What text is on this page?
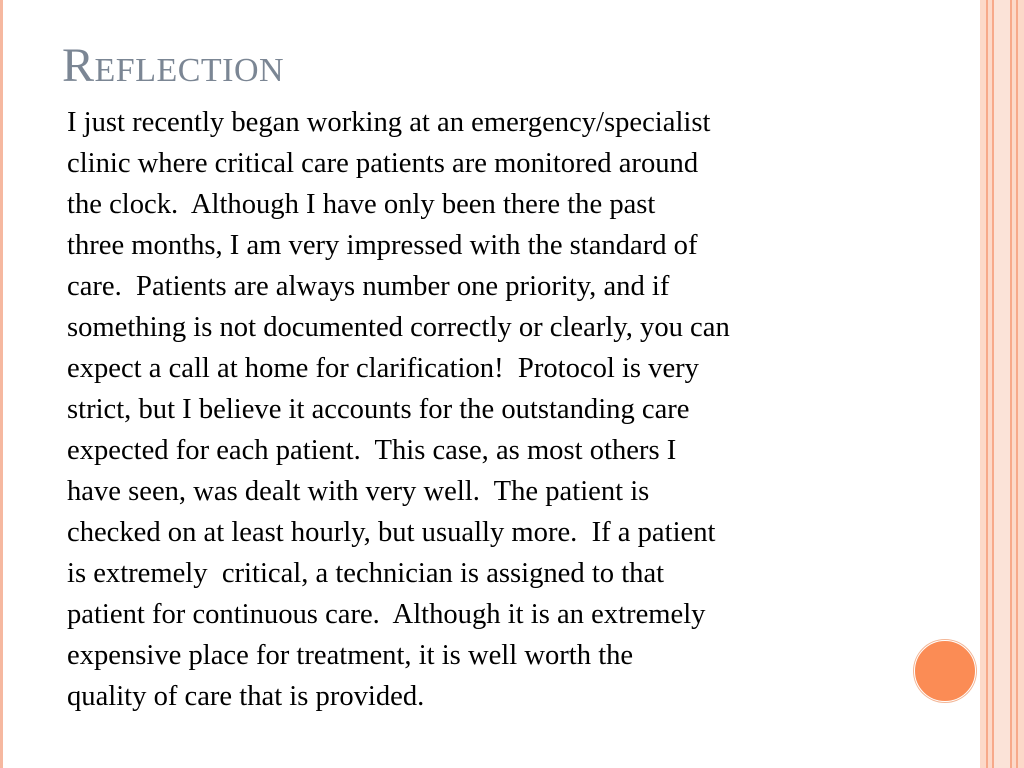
Reflection
I just recently began working at an emergency/specialist
clinic where critical care patients are monitored around
the clock.  Although I have only been there the past
three months, I am very impressed with the standard of
care.  Patients are always number one priority, and if
something is not documented correctly or clearly, you can
expect a call at home for clarification!  Protocol is very
strict, but I believe it accounts for the outstanding care
expected for each patient.  This case, as most others I
have seen, was dealt with very well.  The patient is
checked on at least hourly, but usually more.  If a patient
is extremely  critical, a technician is assigned to that
patient for continuous care.  Although it is an extremely
expensive place for treatment, it is well worth the
quality of care that is provided.
